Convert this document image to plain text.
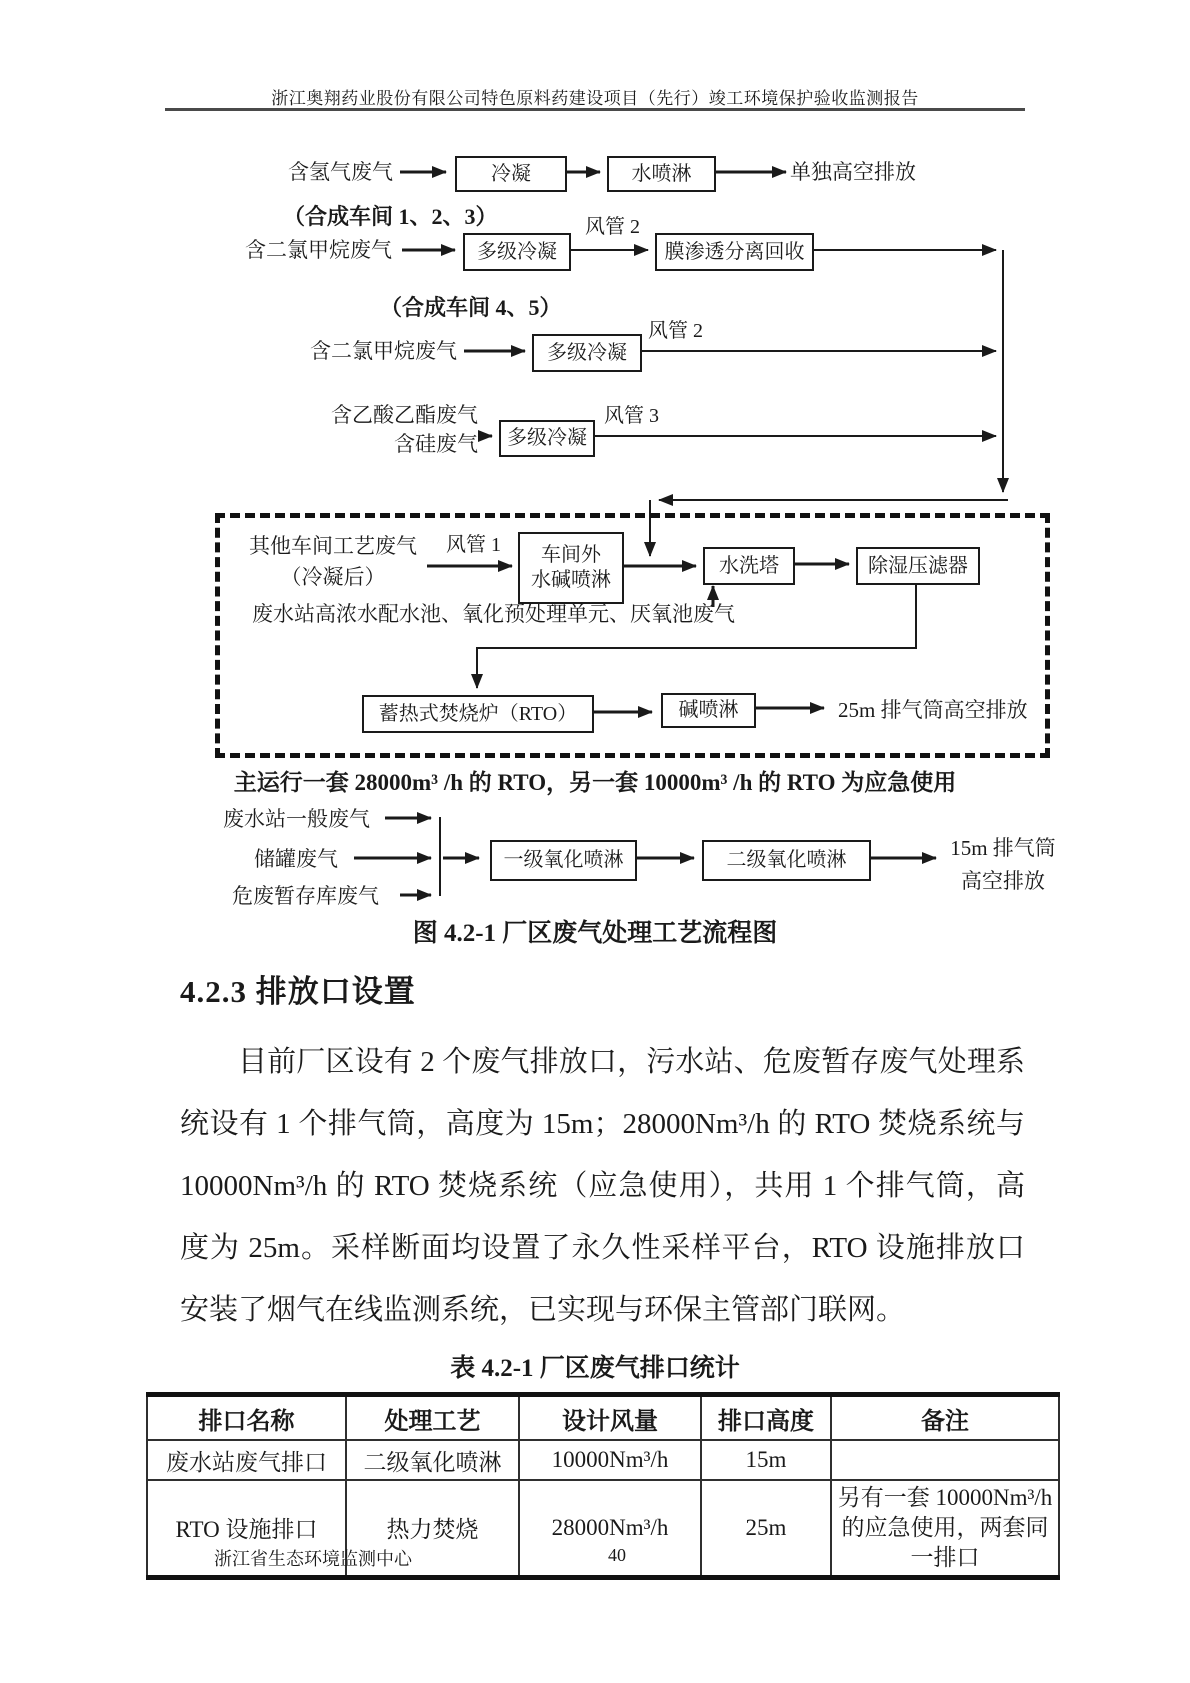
浙江奥翔药业股份有限公司特色原料药建设项目（先行）竣工环境保护验收监测报告
含氢气废气	冷凝	水喷淋	单独高空排放
（合成车间 1、2、3）
含二氯甲烷废气	多级冷凝
风管 2
膜渗透分离回收
（合成车间 4、5）
含二氯甲烷废气	多级冷凝
风管 2
含乙酸乙酯废气
含硅废气	多级冷凝
风管 3
其他车间工艺废气
（冷凝后）
风管 1 车间外
水碱喷淋
水洗塔	除湿压滤器
废水站高浓水配水池、氧化预处理单元、厌氧池废气
蓄热式焚烧炉（RTO）	碱喷淋	25m 排气筒高空排放
主运行一套 28000m³ /h 的 RTO，另一套 10000m³ /h 的 RTO 为应急使用
废水站一般废气
储罐废气
危废暂存库废气
一级氧化喷淋	二级氧化喷淋	15m 排气筒
高空排放
图 4.2-1 厂区废气处理工艺流程图
4.2.3 排放口设置
目前厂区设有 2 个废气排放口，污水站、危废暂存废气处理系统设有 1 个排气筒，高度为 15m；28000Nm³/h 的 RTO 焚烧系统与 10000Nm³/h 的 RTO 焚烧系统（应急使用），共用 1 个排气筒，高度为 25m。采样断面均设置了永久性采样平台，RTO 设施排放口安装了烟气在线监测系统，已实现与环保主管部门联网。
表 4.2-1 厂区废气排口统计
排口名称	处理工艺	设计风量	排口高度	备注
废水站废气排口	二级氧化喷淋	10000Nm³/h	15m	
RTO 设施排口	热力焚烧	28000Nm³/h	25m	另有一套 10000Nm³/h 的应急使用，两套同一排口
浙江省生态环境监测中心	40
